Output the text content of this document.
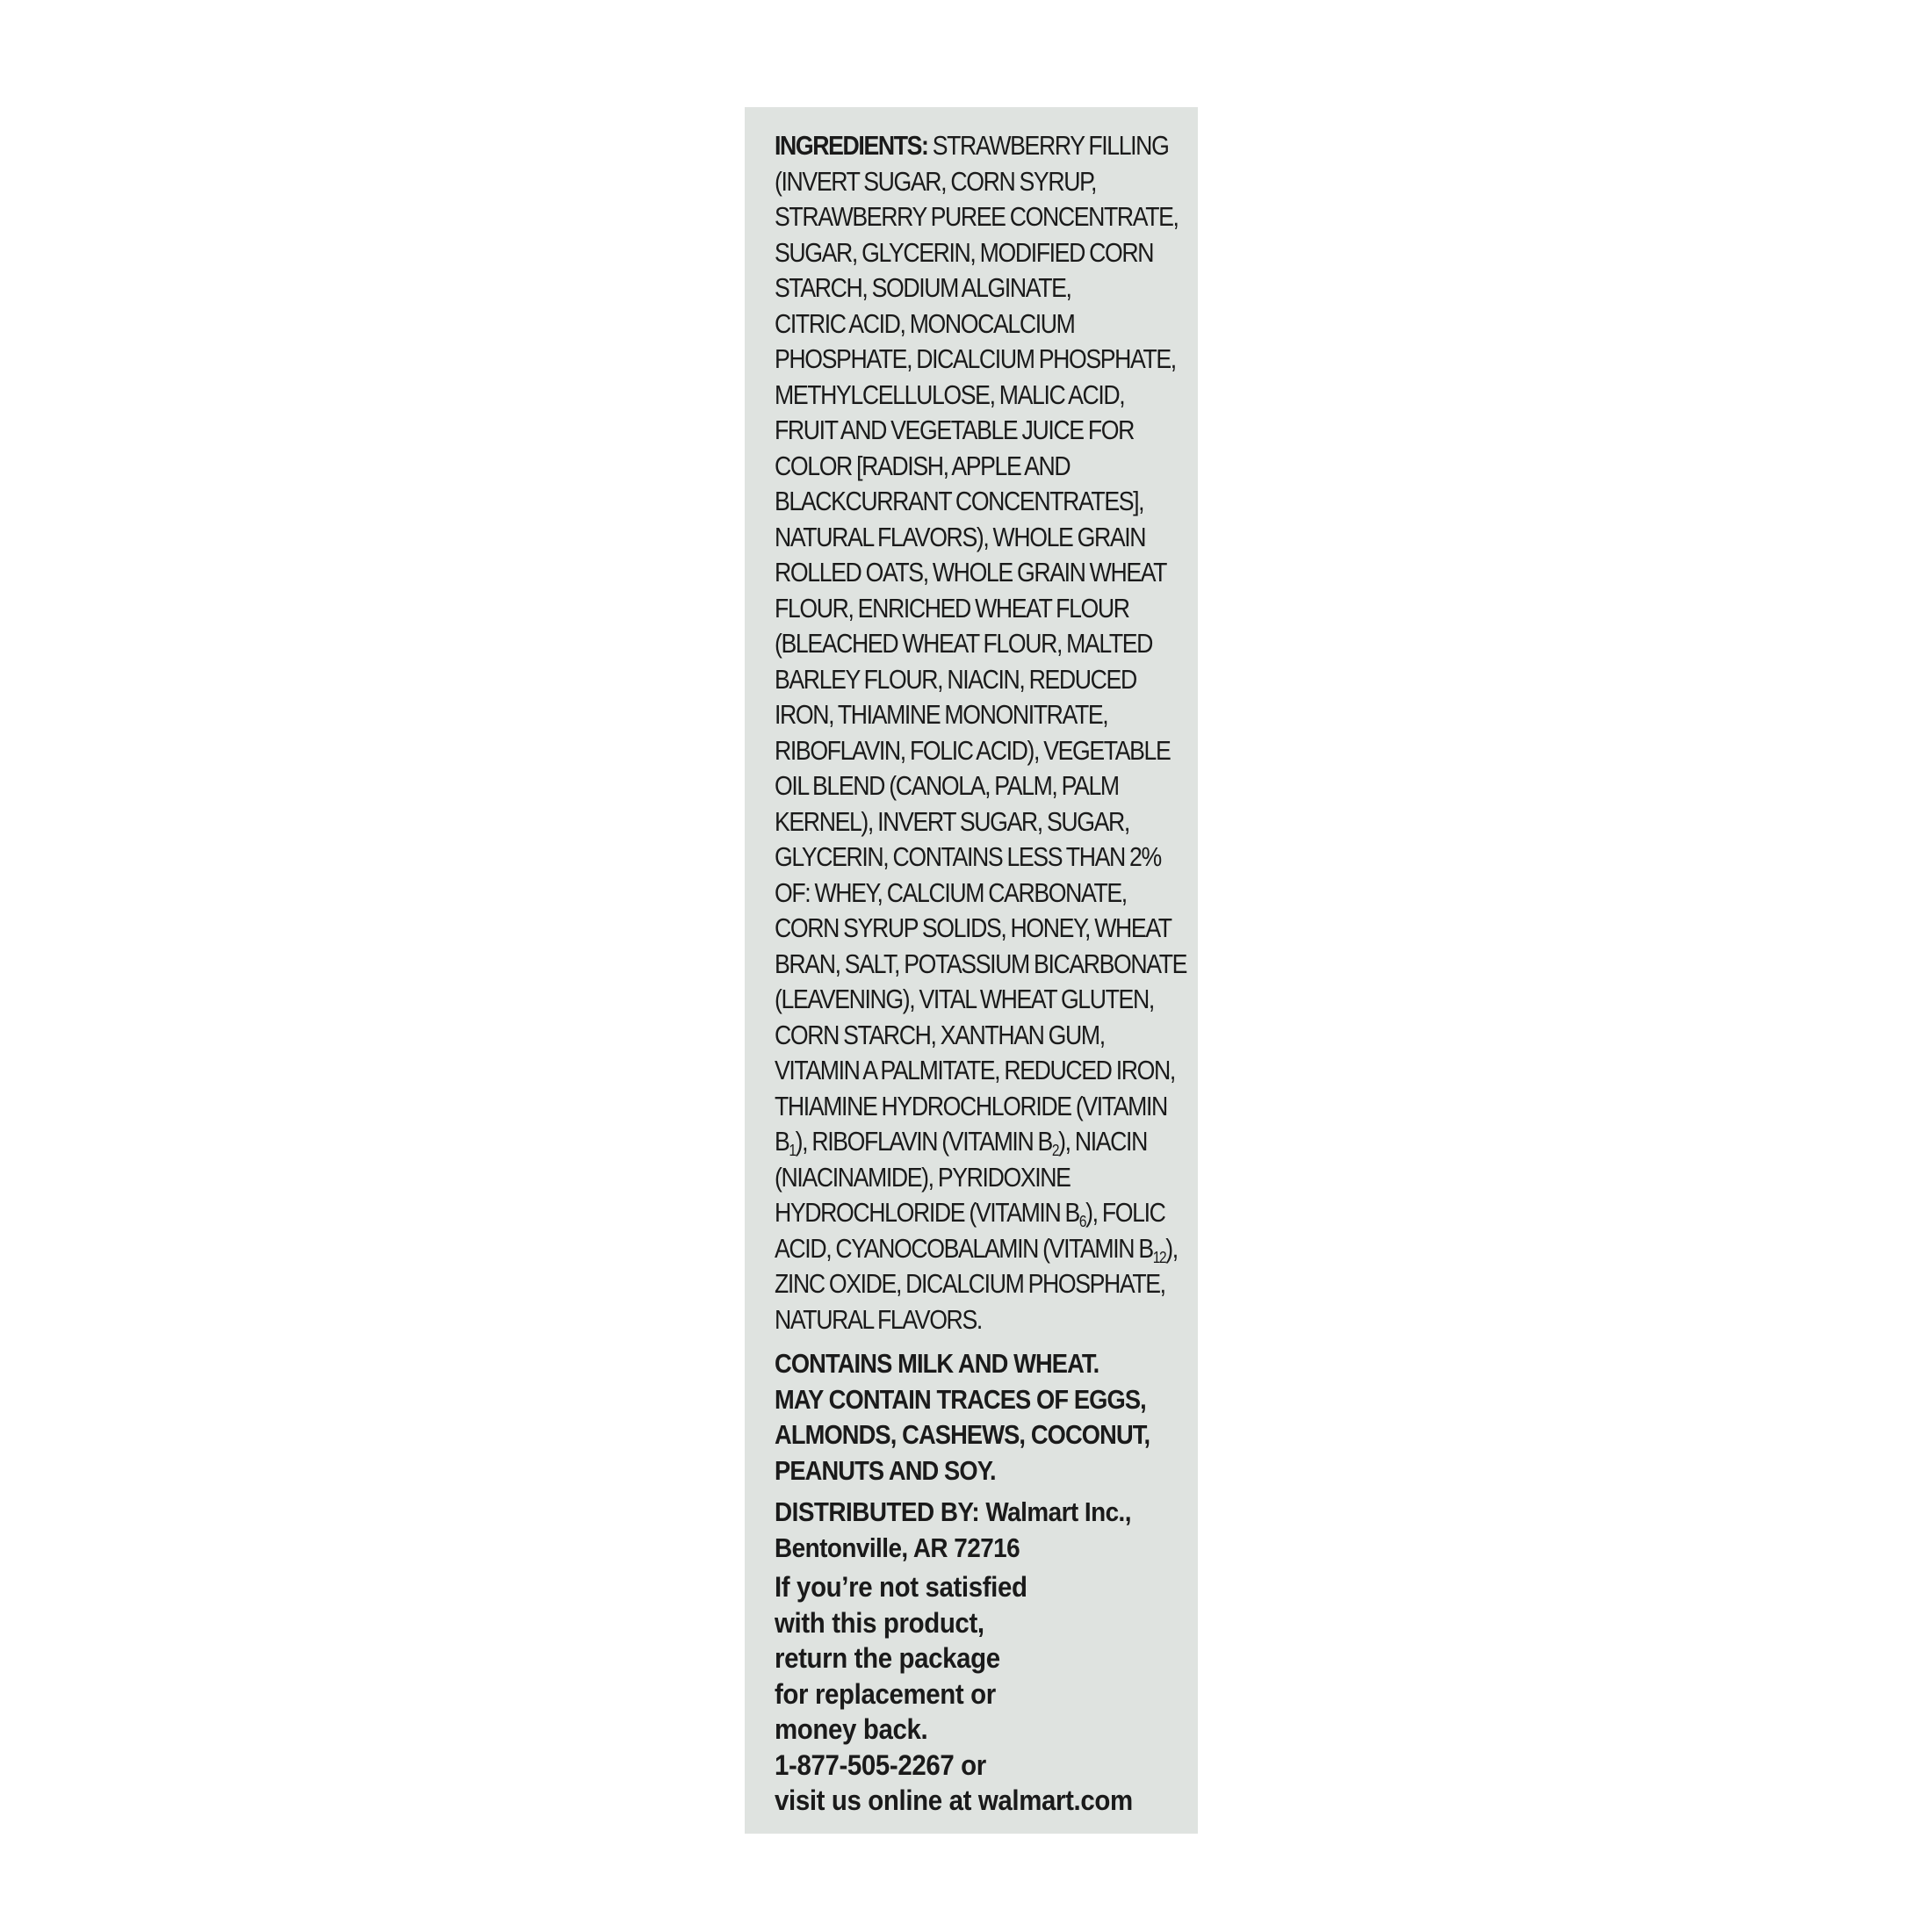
INGREDIENTS: STRAWBERRY FILLING
(INVERT SUGAR, CORN SYRUP,
STRAWBERRY PUREE CONCENTRATE,
SUGAR, GLYCERIN, MODIFIED CORN
STARCH, SODIUM ALGINATE,
CITRIC ACID, MONOCALCIUM
PHOSPHATE, DICALCIUM PHOSPHATE,
METHYLCELLULOSE, MALIC ACID,
FRUIT AND VEGETABLE JUICE FOR
COLOR [RADISH, APPLE AND
BLACKCURRANT CONCENTRATES],
NATURAL FLAVORS), WHOLE GRAIN
ROLLED OATS, WHOLE GRAIN WHEAT
FLOUR, ENRICHED WHEAT FLOUR
(BLEACHED WHEAT FLOUR, MALTED
BARLEY FLOUR, NIACIN, REDUCED
IRON, THIAMINE MONONITRATE,
RIBOFLAVIN, FOLIC ACID), VEGETABLE
OIL BLEND (CANOLA, PALM, PALM
KERNEL), INVERT SUGAR, SUGAR,
GLYCERIN, CONTAINS LESS THAN 2%
OF: WHEY, CALCIUM CARBONATE,
CORN SYRUP SOLIDS, HONEY, WHEAT
BRAN, SALT, POTASSIUM BICARBONATE
(LEAVENING), VITAL WHEAT GLUTEN,
CORN STARCH, XANTHAN GUM,
VITAMIN A PALMITATE, REDUCED IRON,
THIAMINE HYDROCHLORIDE (VITAMIN
$B_1$), RIBOFLAVIN (VITAMIN $B_2$), NIACIN
(NIACINAMIDE), PYRIDOXINE
HYDROCHLORIDE (VITAMIN $B_6$), FOLIC
ACID, CYANOCOBALAMIN (VITAMIN $B_{12}$),
ZINC OXIDE, DICALCIUM PHOSPHATE,
NATURAL FLAVORS.
CONTAINS MILK AND WHEAT.
MAY CONTAIN TRACES OF EGGS,
ALMONDS, CASHEWS, COCONUT,
PEANUTS AND SOY.
DISTRIBUTED BY: Walmart Inc.,
Bentonville, AR 72716
If you’re not satisfied
with this product,
return the package
for replacement or
money back.
1-877-505-2267 or
visit us online at walmart.com
